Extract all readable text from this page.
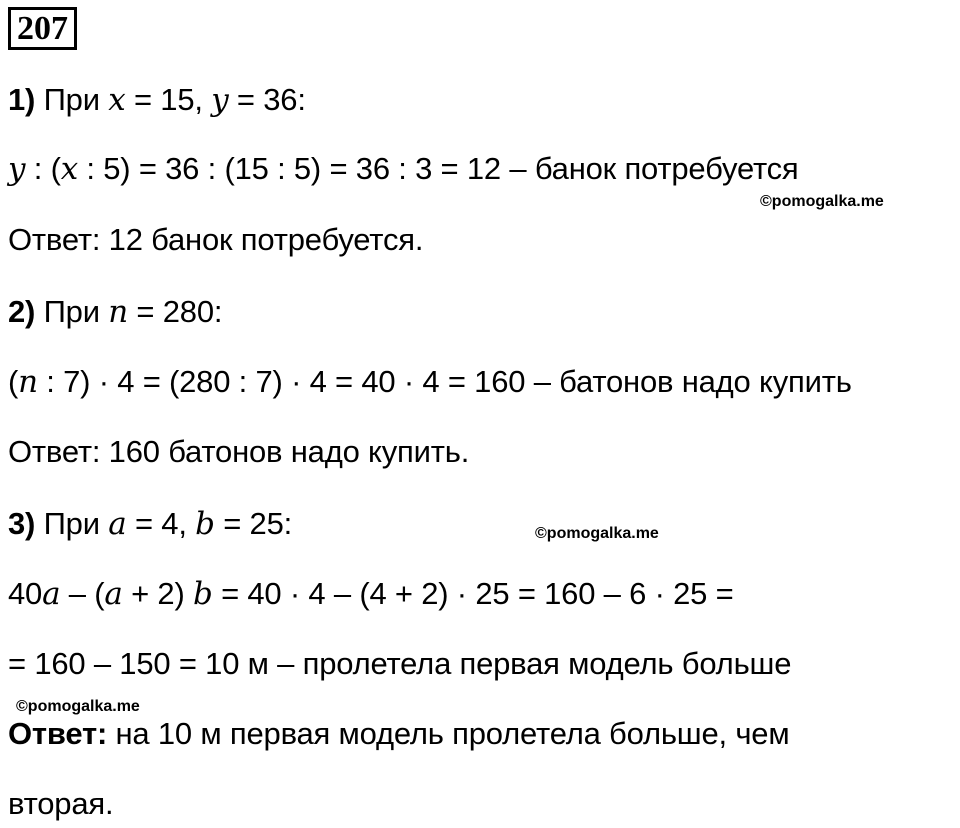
207
1) При x = 15, y = 36:
y : (x : 5) = 36 : (15 : 5) = 36 : 3 = 12 – банок потребуется
©pomogalka.me
Ответ: 12 банок потребуется.
2) При n = 280:
(n : 7) · 4 = (280 : 7) · 4 = 40 · 4 = 160 – батонов надо купить
Ответ: 160 батонов надо купить.
3) При a = 4, b = 25:	©pomogalka.me
40a – (a + 2) b = 40 · 4 – (4 + 2) · 25 = 160 – 6 · 25 =
= 160 – 150 = 10 м – пролетела первая модель больше
©pomogalka.me
Ответ: на 10 м первая модель пролетела больше, чем
вторая.
